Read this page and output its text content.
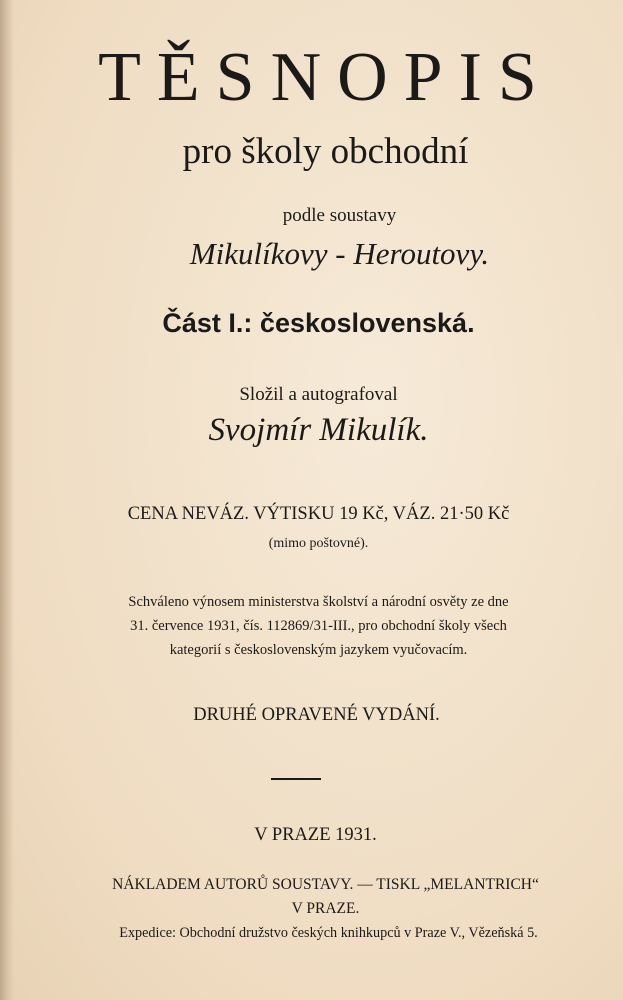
TĚSNOPIS
pro školy obchodní
podle soustavy
Mikulíkovy - Heroutovy.
Část I.: československá.
Složil a autografoval
Svojmír Mikulík.
CENA NEVÁZ. VÝTISKU 19 Kč, VÁZ. 21·50 Kč
(mimo poštovné).
Schváleno výnosem ministerstva školství a národní osvěty ze dne
31. července 1931, čís. 112869/31-III., pro obchodní školy všech
kategorií s československým jazykem vyučovacím.
DRUHÉ OPRAVENÉ VYDÁNÍ.
V PRAZE 1931.
NÁKLADEM AUTORŮ SOUSTAVY. — TISKL „MELANTRICH“
V PRAZE.
Expedice: Obchodní družstvo českých knihkupců v Praze V., Vězeňská 5.
